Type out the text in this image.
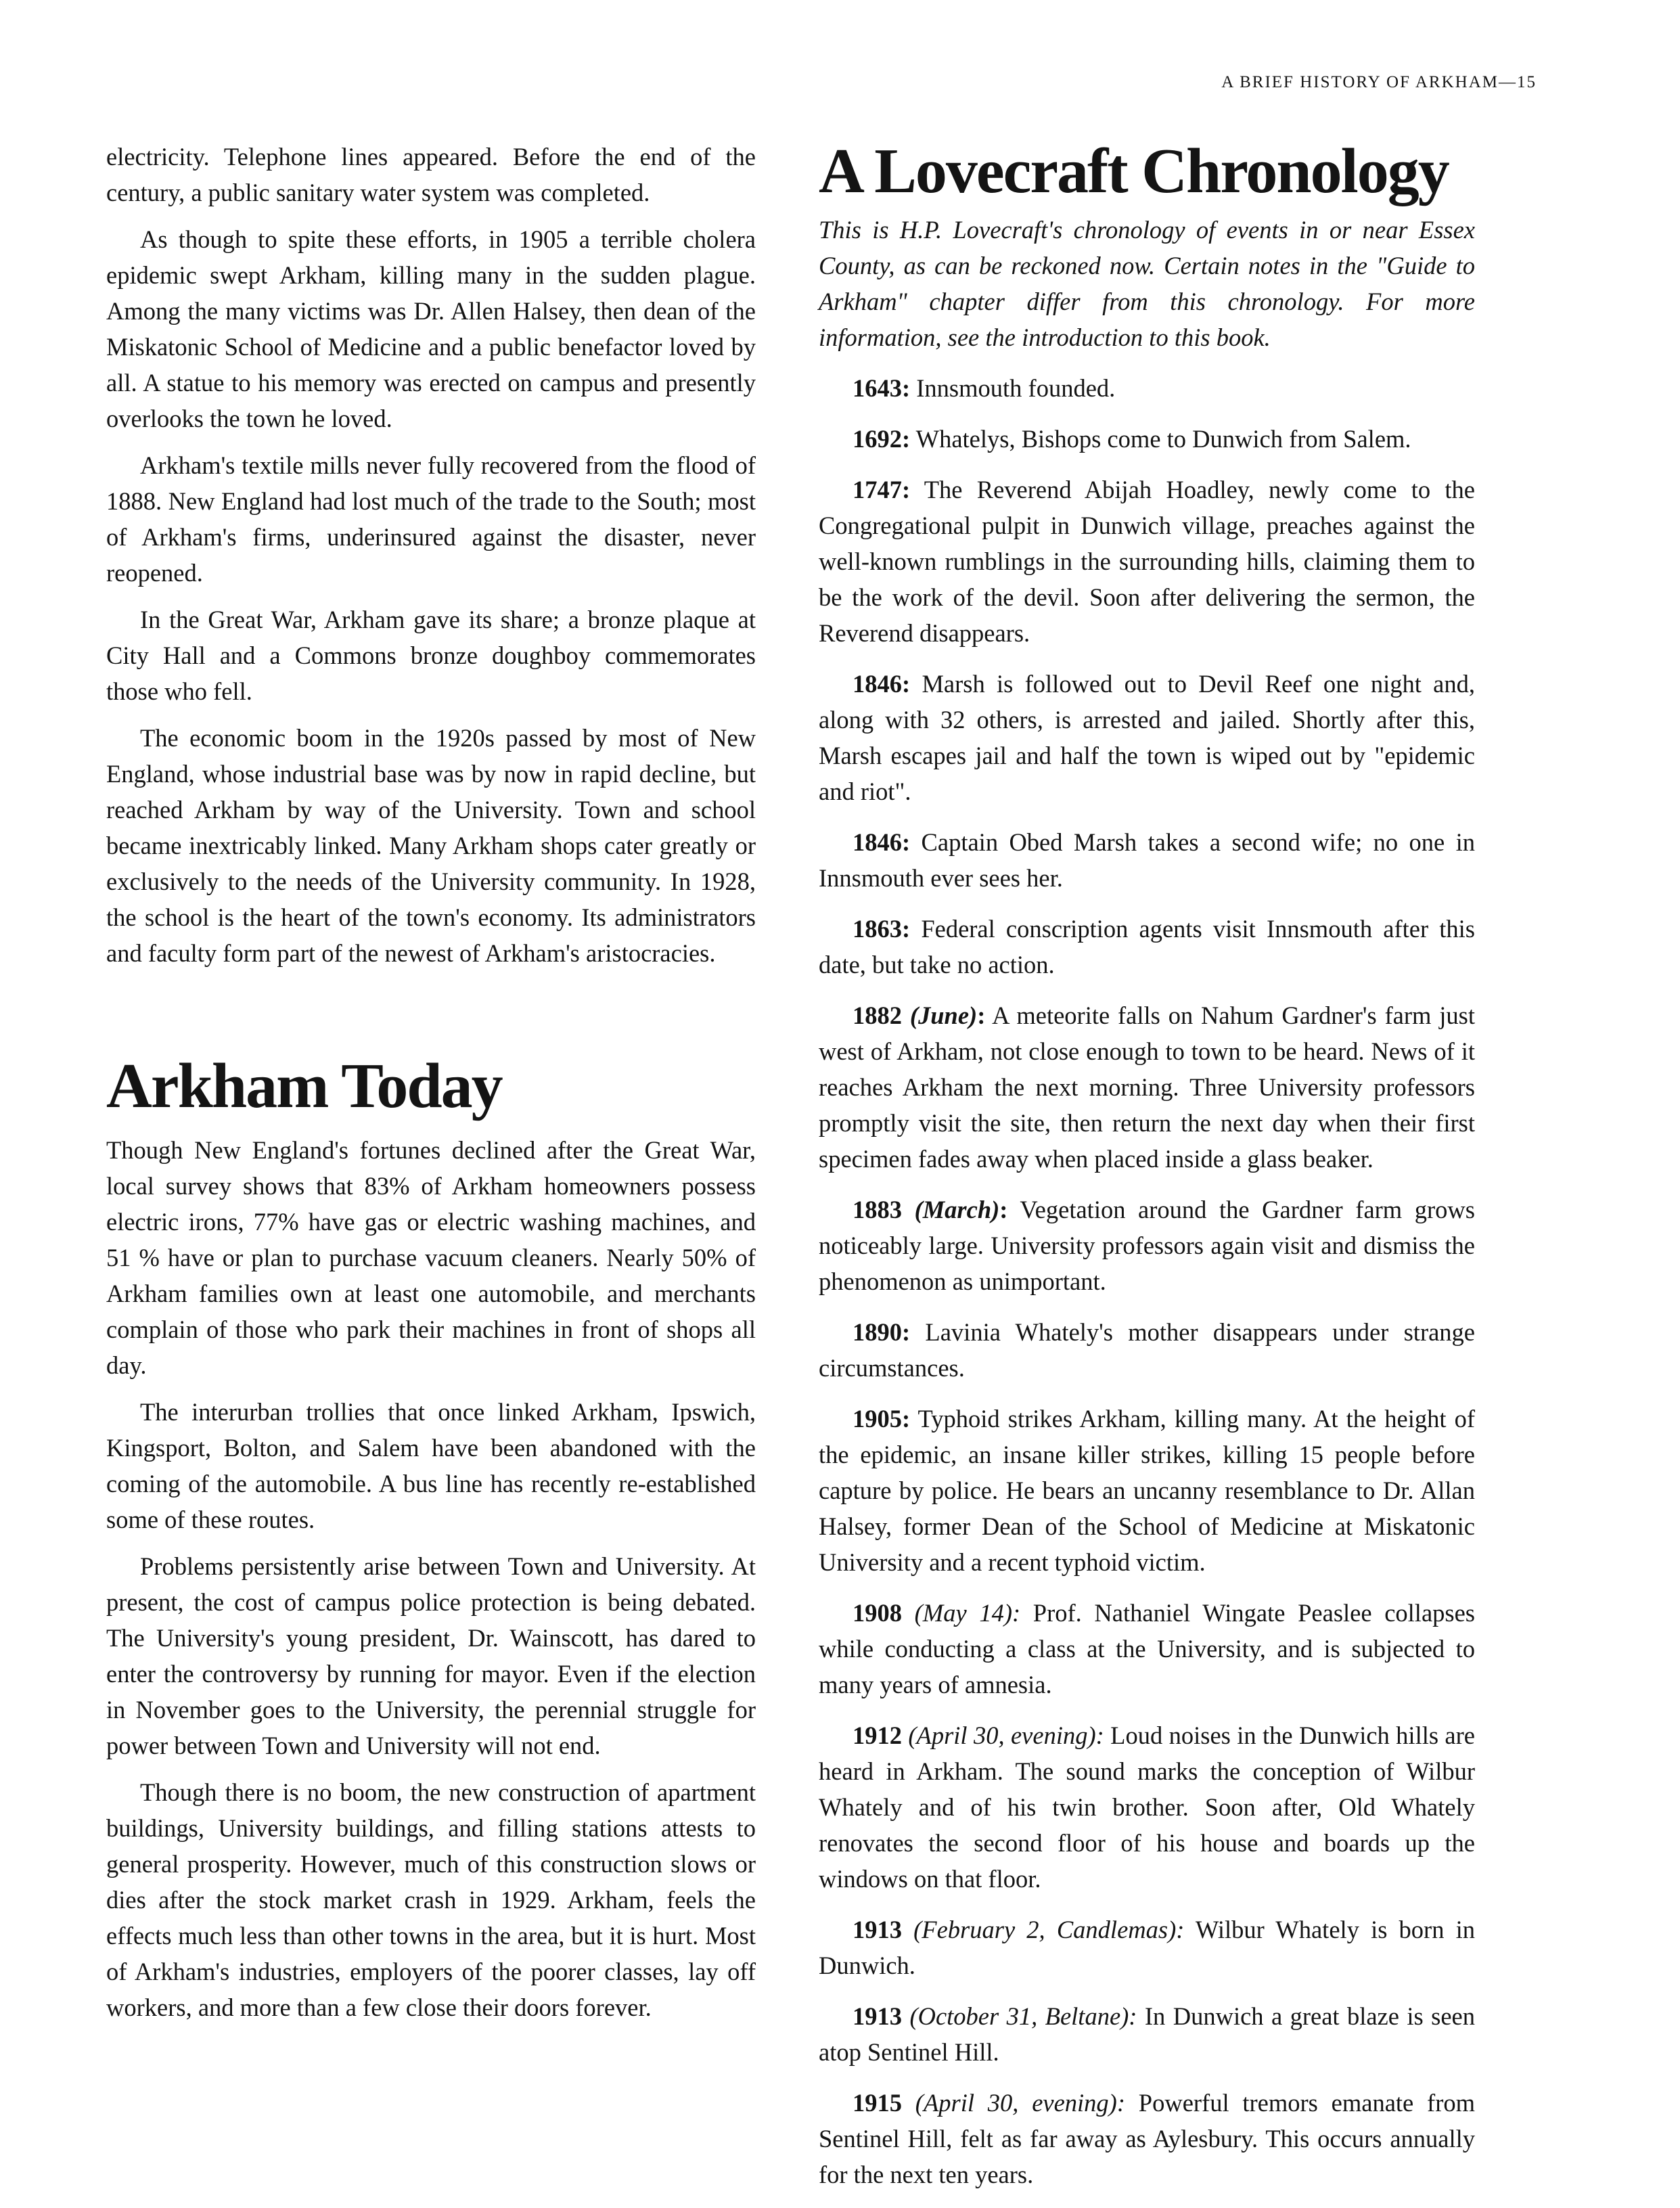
A BRIEF HISTORY OF ARKHAM—15

electricity. Telephone lines appeared. Before the end of the century, a public sanitary water system was completed.

As though to spite these efforts, in 1905 a terrible cholera epidemic swept Arkham, killing many in the sudden plague. Among the many victims was Dr. Allen Halsey, then dean of the Miskatonic School of Medicine and a public benefactor loved by all. A statue to his memory was erected on campus and presently overlooks the town he loved.

Arkham's textile mills never fully recovered from the flood of 1888. New England had lost much of the trade to the South; most of Arkham's firms, underinsured against the disaster, never reopened.

In the Great War, Arkham gave its share; a bronze plaque at City Hall and a Commons bronze doughboy commemorates those who fell.

The economic boom in the 1920s passed by most of New England, whose industrial base was by now in rapid decline, but reached Arkham by way of the University. Town and school became inextricably linked. Many Arkham shops cater greatly or exclusively to the needs of the University community. In 1928, the school is the heart of the town's economy. Its administrators and faculty form part of the newest of Arkham's aristocracies.

Arkham Today

Though New England's fortunes declined after the Great War, local survey shows that 83% of Arkham homeowners possess electric irons, 77% have gas or electric washing machines, and 51 % have or plan to purchase vacuum cleaners. Nearly 50% of Arkham families own at least one automobile, and merchants complain of those who park their machines in front of shops all day.

The interurban trollies that once linked Arkham, Ipswich, Kingsport, Bolton, and Salem have been abandoned with the coming of the automobile. A bus line has recently re-established some of these routes.

Problems persistently arise between Town and University. At present, the cost of campus police protection is being debated. The University's young president, Dr. Wainscott, has dared to enter the controversy by running for mayor. Even if the election in November goes to the University, the perennial struggle for power between Town and University will not end.

Though there is no boom, the new construction of apartment buildings, University buildings, and filling stations attests to general prosperity. However, much of this construction slows or dies after the stock market crash in 1929. Arkham, feels the effects much less than other towns in the area, but it is hurt. Most of Arkham's industries, employers of the poorer classes, lay off workers, and more than a few close their doors forever.

A Lovecraft Chronology

This is H.P. Lovecraft's chronology of events in or near Essex County, as can be reckoned now. Certain notes in the "Guide to Arkham" chapter differ from this chronology. For more information, see the introduction to this book.

1643: Innsmouth founded.

1692: Whatelys, Bishops come to Dunwich from Salem.

1747: The Reverend Abijah Hoadley, newly come to the Congregational pulpit in Dunwich village, preaches against the well-known rumblings in the surrounding hills, claiming them to be the work of the devil. Soon after delivering the sermon, the Reverend disappears.

1846: Marsh is followed out to Devil Reef one night and, along with 32 others, is arrested and jailed. Shortly after this, Marsh escapes jail and half the town is wiped out by "epidemic and riot".

1846: Captain Obed Marsh takes a second wife; no one in Innsmouth ever sees her.

1863: Federal conscription agents visit Innsmouth after this date, but take no action.

1882 (June): A meteorite falls on Nahum Gardner's farm just west of Arkham, not close enough to town to be heard. News of it reaches Arkham the next morning. Three University professors promptly visit the site, then return the next day when their first specimen fades away when placed inside a glass beaker.

1883 (March): Vegetation around the Gardner farm grows noticeably large. University professors again visit and dismiss the phenomenon as unimportant.

1890: Lavinia Whately's mother disappears under strange circumstances.

1905: Typhoid strikes Arkham, killing many. At the height of the epidemic, an insane killer strikes, killing 15 people before capture by police. He bears an uncanny resemblance to Dr. Allan Halsey, former Dean of the School of Medicine at Miskatonic University and a recent typhoid victim.

1908 (May 14): Prof. Nathaniel Wingate Peaslee collapses while conducting a class at the University, and is subjected to many years of amnesia.

1912 (April 30, evening): Loud noises in the Dunwich hills are heard in Arkham. The sound marks the conception of Wilbur Whately and of his twin brother. Soon after, Old Whately renovates the second floor of his house and boards up the windows on that floor.

1913 (February 2, Candlemas): Wilbur Whately is born in Dunwich.

1913 (October 31, Beltane): In Dunwich a great blaze is seen atop Sentinel Hill.

1915 (April 30, evening): Powerful tremors emanate from Sentinel Hill, felt as far away as Aylesbury. This occurs annually for the next ten years.
